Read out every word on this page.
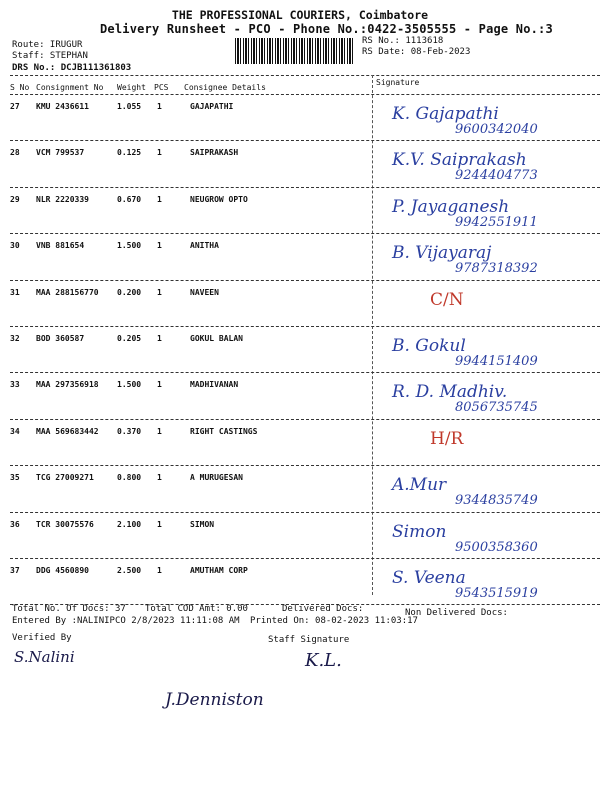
THE PROFESSIONAL COURIERS, Coimbatore
Delivery Runsheet - PCO - Phone No.:0422-3505555 - Page No.:3
Route: IRUGUR
Staff: STEPHAN
DRS No.: DCJB111361803
RS No.: 1113618
RS Date: 08-Feb-2023
S No Consignment No Weight PCS Consignee Details
Signature
27 KMU 2436611	1.055 1	GAJAPATHI	K. Gajapathi
9600342040
28 VCM 799537	0.125 1	SAIPRAKASH	K.V. Saiprakash
9244404773
29 NLR 2220339	0.670 1	NEUGROW OPTO	P. Jayaganesh
9942551911
30 VNB 881654	1.500 1	ANITHA	B. Vijayaraj
9787318392
31 MAA 288156770 0.200 1	NAVEEN	C/N
32 BOD 360587	0.205 1	GOKUL BALAN	B. Gokul
9944151409
33 MAA 297356918 1.500 1	MADHIVANAN	R. D. Madhiv.
8056735745
34 MAA 569683442 0.370 1	RIGHT CASTINGS	H/R
35 TCG 27009271	0.800 1	A MURUGESAN	A.Mur
9344835749
36 TCR 30075576	2.100 1	SIMON	Simon
9500358360
37 DDG 4560890	2.500 1	AMUTHAM CORP	S. Veena
9543515919
Total No. Of Docs: 37 Total COD Amt: 0.00	Delivered Docs:	Non Delivered Docs:
Entered By :NALINIPCO 2/8/2023 11:11:08 AM Printed On: 08-02-2023 11:03:17
Verified By	Staff Signature
S.Nalini	K.L.
J.Denniston
